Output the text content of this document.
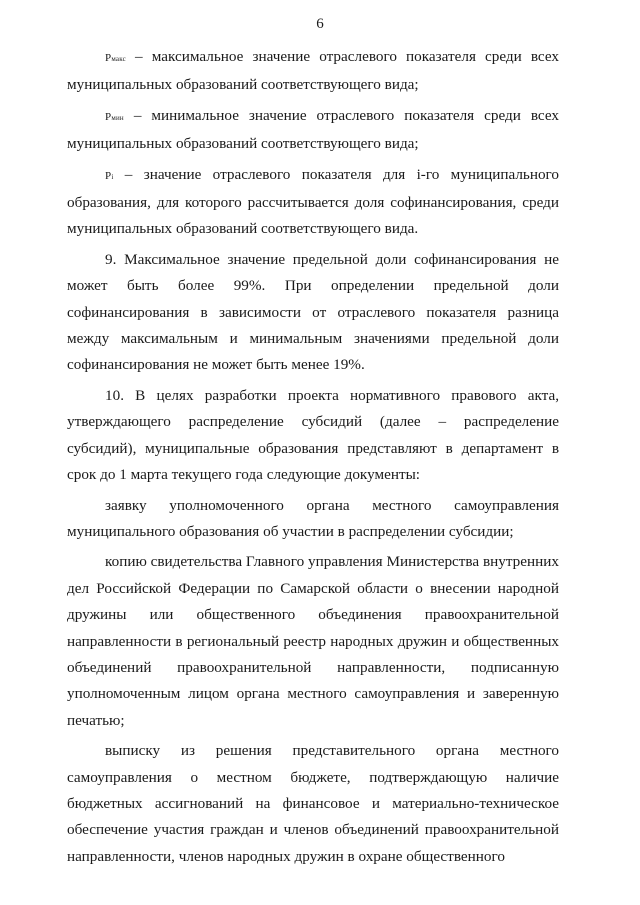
6

Pмакс – максимальное значение отраслевого показателя среди всех муниципальных образований соответствующего вида;

Pмин – минимальное значение отраслевого показателя среди всех муниципальных образований соответствующего вида;

Pi – значение отраслевого показателя для i-го муниципального образования, для которого рассчитывается доля софинансирования, среди муниципальных образований соответствующего вида.

9. Максимальное значение предельной доли софинансирования не может быть более 99%. При определении предельной доли софинансирования в зависимости от отраслевого показателя разница между максимальным и минимальным значениями предельной доли софинансирования не может быть менее 19%.

10. В целях разработки проекта нормативного правового акта, утверждающего распределение субсидий (далее – распределение субсидий), муниципальные образования представляют в департамент в срок до 1 марта текущего года следующие документы:

заявку уполномоченного органа местного самоуправления муниципального образования об участии в распределении субсидии;

копию свидетельства Главного управления Министерства внутренних дел Российской Федерации по Самарской области о внесении народной дружины или общественного объединения правоохранительной направленности в региональный реестр народных дружин и общественных объединений правоохранительной направленности, подписанную уполномоченным лицом органа местного самоуправления и заверенную печатью;

выписку из решения представительного органа местного самоуправления о местном бюджете, подтверждающую наличие бюджетных ассигнований на финансовое и материально-техническое обеспечение участия граждан и членов объединений правоохранительной направленности, членов народных дружин в охране общественного
